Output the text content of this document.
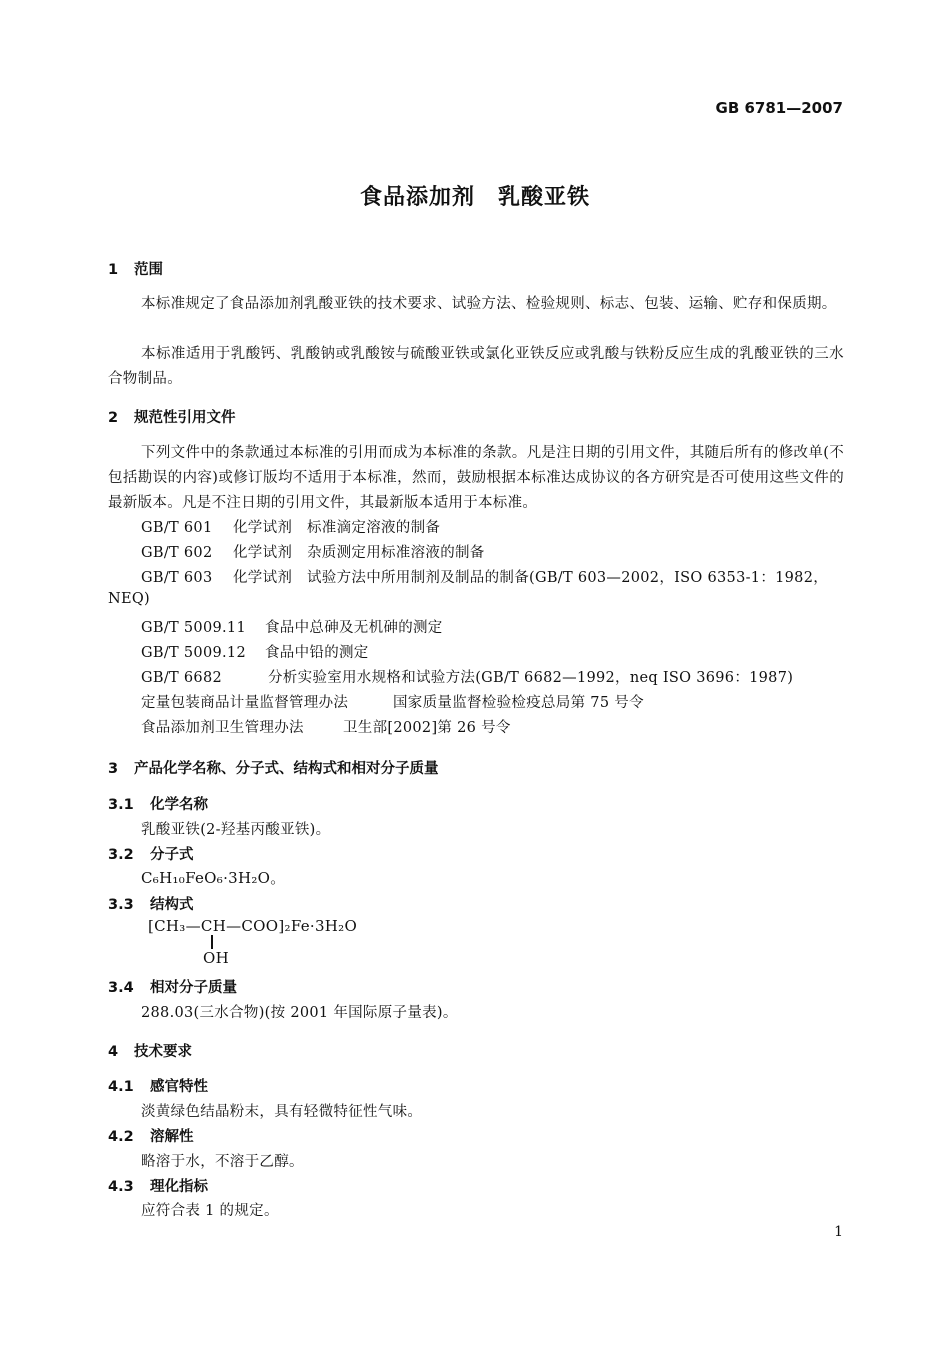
GB 6781—2007
食品添加剂　乳酸亚铁
1 范围
本标准规定了食品添加剂乳酸亚铁的技术要求、试验方法、检验规则、标志、包装、运输、贮存和保质期。
本标准适用于乳酸钙、乳酸钠或乳酸铵与硫酸亚铁或氯化亚铁反应或乳酸与铁粉反应生成的乳酸亚铁的三水合物制品。
2 规范性引用文件
下列文件中的条款通过本标准的引用而成为本标准的条款。凡是注日期的引用文件，其随后所有的修改单(不包括勘误的内容)或修订版均不适用于本标准，然而，鼓励根据本标准达成协议的各方研究是否可使用这些文件的最新版本。凡是不注日期的引用文件，其最新版本适用于本标准。
GB/T 601 化学试剂　标准滴定溶液的制备
GB/T 602 化学试剂　杂质测定用标准溶液的制备
GB/T 603 化学试剂　试验方法中所用制剂及制品的制备(GB/T 603—2002，ISO 6353-1：1982，
NEQ)
GB/T 5009.11 食品中总砷及无机砷的测定
GB/T 5009.12 食品中铅的测定
GB/T 6682	分析实验室用水规格和试验方法(GB/T 6682—1992，neq ISO 3696：1987)
定量包装商品计量监督管理办法	国家质量监督检验检疫总局第 75 号令
食品添加剂卫生管理办法	卫生部[2002]第 26 号令
3 产品化学名称、分子式、结构式和相对分子质量
3.1 化学名称
乳酸亚铁(2-羟基丙酸亚铁)。
3.2 分子式
C₆H₁₀FeO₆·3H₂O。
3.3 结构式
[CH₃—CH—COO]₂Fe·3H₂O
OH
3.4 相对分子质量
288.03(三水合物)(按 2001 年国际原子量表)。
4 技术要求
4.1 感官特性
淡黄绿色结晶粉末，具有轻微特征性气味。
4.2 溶解性
略溶于水，不溶于乙醇。
4.3 理化指标
应符合表 1 的规定。
1
